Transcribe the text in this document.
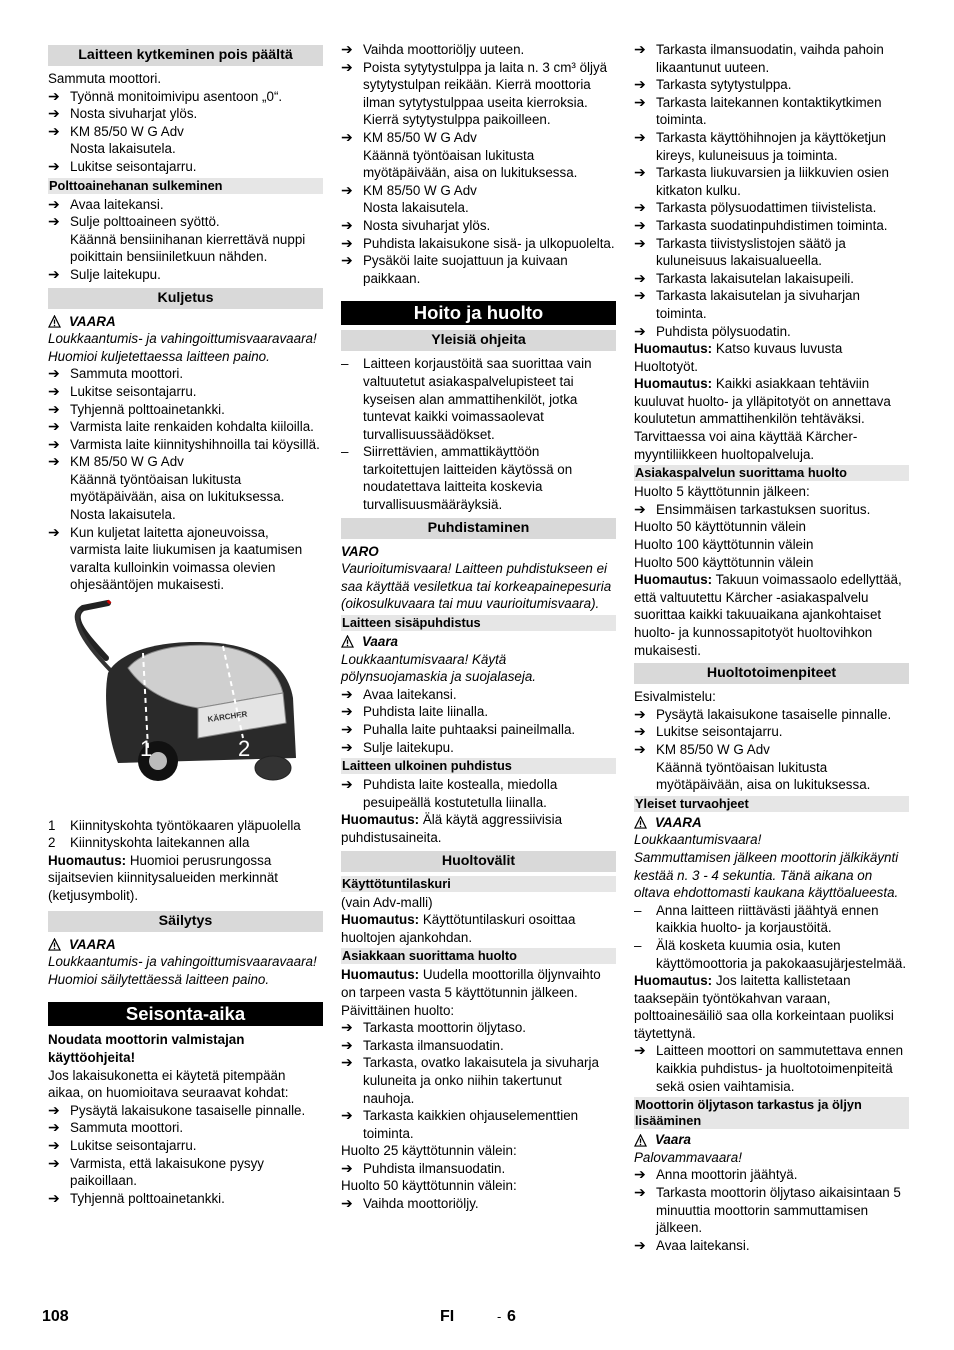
Laitteen kytkeminen pois päältä
Sammuta moottori.
➔ Työnnä monitoimivipu asentoon „0“.
➔ Nosta sivuharjat ylös.
➔ KM 85/50 W G Adv
Nosta lakaisutela.
➔ Lukitse seisontajarru.
Polttoainehanan sulkeminen
➔ Avaa laitekansi.
➔ Sulje polttoaineen syöttö.
Käännä bensiinihanan kierrettävä nuppi poikittain bensiiniletkuun nähden.
➔ Sulje laitekupu.
Kuljetus
VAARA
Loukkaantumis- ja vahingoittumisvaaravaara! Huomioi kuljetettaessa laitteen paino.
➔ Sammuta moottori.
➔ Lukitse seisontajarru.
➔ Tyhjennä polttoainetankki.
➔ Varmista laite renkaiden kohdalta kiiloilla.
➔ Varmista laite kiinnityshihnoilla tai köysillä.
➔ KM 85/50 W G Adv
Käännä työntöaisan lukitusta myötäpäivään, aisa on lukituksessa.
Nosta lakaisutela.
➔ Kun kuljetat laitetta ajoneuvoissa, varmista laite liukumisen ja kaatumisen varalta kulloinkin voimassa olevien ohjesääntöjen mukaisesti.
KÄRCHER
1	2
1	Kiinnityskohta työntökaaren yläpuolella
2	Kiinnityskohta laitekannen alla
Huomautus: Huomioi perusrungossa sijaitsevien kiinnitysalueiden merkinnät (ketjusymbolit).
Säilytys
VAARA
Loukkaantumis- ja vahingoittumisvaaravaara! Huomioi säilytettäessä laitteen paino.
Seisonta-aika
Noudata moottorin valmistajan käyttöohjeita!
Jos lakaisukonetta ei käytetä pitempään aikaa, on huomioitava seuraavat kohdat:
➔ Pysäytä lakaisukone tasaiselle pinnalle.
➔ Sammuta moottori.
➔ Lukitse seisontajarru.
➔ Varmista, että lakaisukone pysyy paikoillaan.
➔ Tyhjennä polttoainetankki.
➔ Vaihda moottoriöljy uuteen.
➔ Poista sytytystulppa ja laita n. 3 cm³ öljyä sytytystulpan reikään. Kierrä moottoria ilman sytytystulppaa useita kierroksia. Kierrä sytytystulppa paikoilleen.
➔ KM 85/50 W G Adv
Käännä työntöaisan lukitusta myötäpäivään, aisa on lukituksessa.
➔ KM 85/50 W G Adv
Nosta lakaisutela.
➔ Nosta sivuharjat ylös.
➔ Puhdista lakaisukone sisä- ja ulkopuolelta.
➔ Pysäköi laite suojattuun ja kuivaan paikkaan.
Hoito ja huolto
Yleisiä ohjeita
–	Laitteen korjaustöitä saa suorittaa vain valtuutetut asiakaspalvelupisteet tai kyseisen alan ammattihenkilöt, jotka tuntevat kaikki voimassaolevat turvallisuussäädökset.
–	Siirrettävien, ammattikäyttöön tarkoitettujen laitteiden käytössä on noudatettava laitteita koskevia turvallisuusmääräyksiä.
Puhdistaminen
VARO
Vaurioitumisvaara! Laitteen puhdistukseen ei saa käyttää vesiletkua tai korkeapainepesuria (oikosulkuvaara tai muu vaurioitumisvaara).
Laitteen sisäpuhdistus
Vaara
Loukkaantumisvaara! Käytä pölynsuojamaskia ja suojalaseja.
➔ Avaa laitekansi.
➔ Puhdista laite liinalla.
➔ Puhalla laite puhtaaksi paineilmalla.
➔ Sulje laitekupu.
Laitteen ulkoinen puhdistus
➔ Puhdista laite kostealla, miedolla pesuipeällä kostutetulla liinalla.
Huomautus: Älä käytä aggressiivisia puhdistusaineita.
Huoltovälit
Käyttötuntilaskuri
(vain Adv-malli)
Huomautus: Käyttötuntilaskuri osoittaa huoltojen ajankohdan.
Asiakkaan suorittama huolto
Huomautus: Uudella moottorilla öljynvaihto on tarpeen vasta 5 käyttötunnin jälkeen.
Päivittäinen huolto:
➔ Tarkasta moottorin öljytaso.
➔ Tarkasta ilmansuodatin.
➔ Tarkasta, ovatko lakaisutela ja sivuharja kuluneita ja onko niihin takertunut nauhoja.
➔ Tarkasta kaikkien ohjauselementtien toiminta.
Huolto 25 käyttötunnin välein:
➔ Puhdista ilmansuodatin.
Huolto 50 käyttötunnin välein:
➔ Vaihda moottoriöljy.
➔ Tarkasta ilmansuodatin, vaihda pahoin likaantunut uuteen.
➔ Tarkasta sytytystulppa.
➔ Tarkasta laitekannen kontaktikytkimen toiminta.
➔ Tarkasta käyttöhihnojen ja käyttöketjun kireys, kuluneisuus ja toiminta.
➔ Tarkasta liukuvarsien ja liikkuvien osien kitkaton kulku.
➔ Tarkasta pölysuodattimen tiivistelista.
➔ Tarkasta suodatinpuhdistimen toiminta.
➔ Tarkasta tiivistyslistojen säätö ja kuluneisuus lakaisualueella.
➔ Tarkasta lakaisutelan lakaisupeili.
➔ Tarkasta lakaisutelan ja sivuharjan toiminta.
➔ Puhdista pölysuodatin.
Huomautus: Katso kuvaus luvusta Huoltotyöt.
Huomautus: Kaikki asiakkaan tehtäviin kuuluvat huolto- ja ylläpitotyöt on annettava koulutetun ammattihenkilön tehtäväksi. Tarvittaessa voi aina käyttää Kärcher-myyntiliikkeen huoltopalveluja.
Asiakaspalvelun suorittama huolto
Huolto 5 käyttötunnin jälkeen:
➔ Ensimmäisen tarkastuksen suoritus.
Huolto 50 käyttötunnin välein
Huolto 100 käyttötunnin välein
Huolto 500 käyttötunnin välein
Huomautus: Takuun voimassaolo edellyttää, että valtuutettu Kärcher -asiakaspalvelu suorittaa kaikki takuuaikana ajankohtaiset huolto- ja kunnossapitotyöt huoltovihkon mukaisesti.
Huoltotoimenpiteet
Esivalmistelu:
➔ Pysäytä lakaisukone tasaiselle pinnalle.
➔ Lukitse seisontajarru.
➔ KM 85/50 W G Adv
Käännä työntöaisan lukitusta myötäpäivään, aisa on lukituksessa.
Yleiset turvaohjeet
VAARA
Loukkaantumisvaara!
Sammuttamisen jälkeen moottorin jälkikäynti kestää n. 3 - 4 sekuntia. Tänä aikana on oltava ehdottomasti kaukana käyttöalueesta.
–	Anna laitteen riittävästi jäähtyä ennen kaikkia huolto- ja korjaustöitä.
–	Älä kosketa kuumia osia, kuten käyttömoottoria ja pakokaasujärjestelmää.
Huomautus: Jos laitetta kallistetaan taaksepäin työntökahvan varaan, polttoainesäiliö saa olla korkeintaan puoliksi täytettynä.
➔ Laitteen moottori on sammutettava ennen kaikkia puhdistus- ja huoltotoimenpiteitä sekä osien vaihtamisia.
Moottorin öljytason tarkastus ja öljyn lisääminen
Vaara
Palovammavaara!
➔ Anna moottorin jäähtyä.
➔ Tarkasta moottorin öljytaso aikaisintaan 5 minuuttia moottorin sammuttamisen jälkeen.
➔ Avaa laitekansi.
108	FI	- 6
